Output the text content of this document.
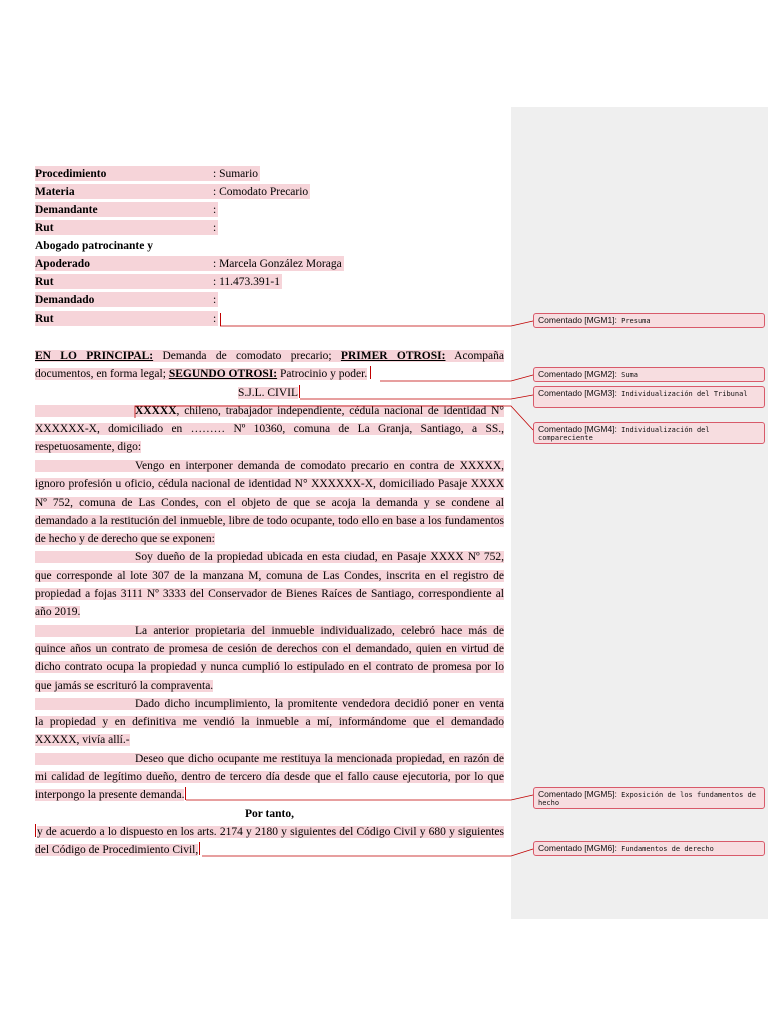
Procedimiento	: Sumario
Materia	: Comodato Precario
Demandante	:
Rut	:
Abogado patrocinante y
Apoderado	: Marcela González Moraga
Rut	: 11.473.391-1
Demandado	:
Rut	:

EN LO PRINCIPAL: Demanda de comodato precario; PRIMER OTROSI: Acompaña
documentos, en forma legal; SEGUNDO OTROSI: Patrocinio y poder.

S.J.L. CIVIL

XXXXX, chileno, trabajador independiente, cédula nacional de identidad N°
XXXXXX-X, domiciliado en ……… Nº 10360, comuna de La Granja, Santiago, a SS.,
respetuosamente, digo:

Vengo en interponer demanda de comodato precario en contra de XXXXX,
ignoro profesión u oficio, cédula nacional de identidad N° XXXXXX-X, domiciliado Pasaje XXXX
Nº 752, comuna de Las Condes, con el objeto de que se acoja la demanda y se condene al
demandado a la restitución del inmueble, libre de todo ocupante, todo ello en base a los fundamentos
de hecho y de derecho que se exponen:

Soy dueño de la propiedad ubicada en esta ciudad, en Pasaje XXXX Nº 752,
que corresponde al lote 307 de la manzana M, comuna de Las Condes, inscrita en el registro de
propiedad a fojas 3111 Nº 3333 del Conservador de Bienes Raíces de Santiago, correspondiente al
año 2019.

La anterior propietaria del inmueble individualizado, celebró hace más de
quince años un contrato de promesa de cesión de derechos con el demandado, quien en virtud de
dicho contrato ocupa la propiedad y nunca cumplió lo estipulado en el contrato de promesa por lo
que jamás se escrituró la compraventa.

Dado dicho incumplimiento, la promitente vendedora decidió poner en venta
la propiedad y en definitiva me vendió la inmueble a mí, informándome que el demandado
XXXXX, vivía allí.-

Deseo que dicho ocupante me restituya la mencionada propiedad, en razón de
mi calidad de legítimo dueño, dentro de tercero día desde que el fallo cause ejecutoria, por lo que
interpongo la presente demanda.

Por tanto,

y de acuerdo a lo dispuesto en los arts. 2174 y 2180 y siguientes del Código Civil y 680 y siguientes
del Código de Procedimiento Civil,

Comentado [MGM1]: Presuma
Comentado [MGM2]: Suma
Comentado [MGM3]: Individualización del Tribunal
Comentado [MGM4]: Individualización del compareciente
Comentado [MGM5]: Exposición de los fundamentos de hecho
Comentado [MGM6]: Fundamentos de derecho
